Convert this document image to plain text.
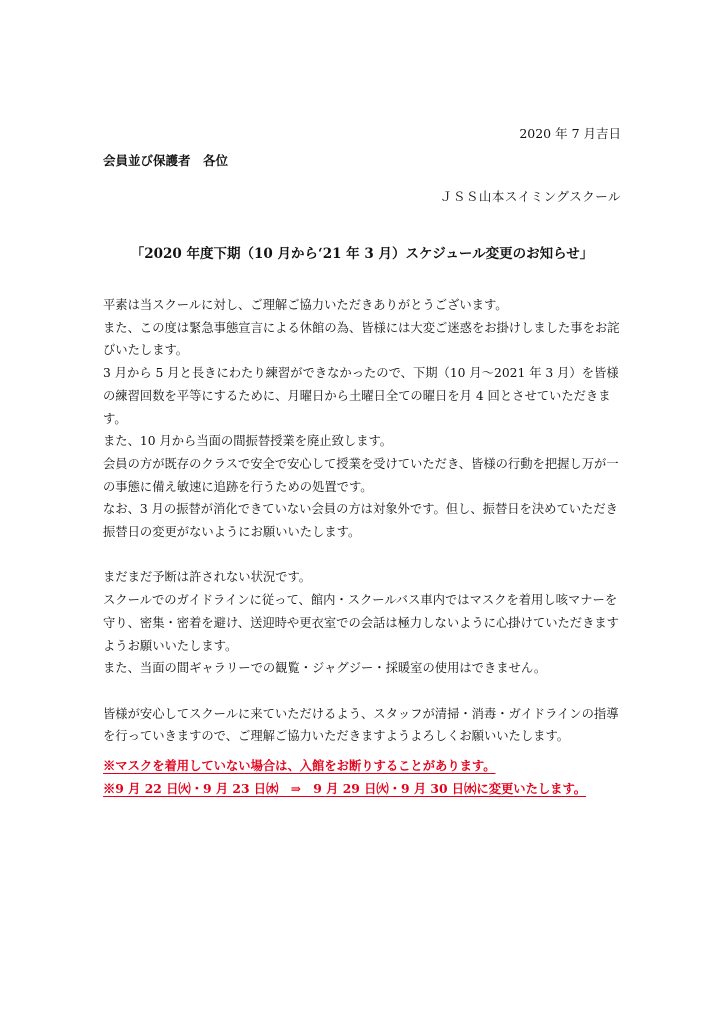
2020 年 7 月吉日
会員並び保護者　各位
ＪＳＳ山本スイミングスクール
「2020 年度下期（10 月から‘21 年 3 月）スケジュール変更のお知らせ」

平素は当スクールに対し、ご理解ご協力いただきありがとうございます。

また、この度は緊急事態宣言による休館の為、皆様には大変ご迷惑をお掛けしました事をお詫びいたします。

3 月から 5 月と長きにわたり練習ができなかったので、下期（10 月～2021 年 3 月）を皆様の練習回数を平等にするために、月曜日から土曜日全ての曜日を月 4 回とさせていただきます。

また、10 月から当面の間振替授業を廃止致します。

会員の方が既存のクラスで安全で安心して授業を受けていただき、皆様の行動を把握し万が一の事態に備え敏速に追跡を行うための処置です。

なお、3 月の振替が消化できていない会員の方は対象外です。但し、振替日を決めていただき振替日の変更がないようにお願いいたします。

まだまだ予断は許されない状況です。

スクールでのガイドラインに従って、館内・スクールバス車内ではマスクを着用し咳マナーを守り、密集・密着を避け、送迎時や更衣室での会話は極力しないように心掛けていただきますようお願いいたします。

また、当面の間ギャラリーでの観覧・ジャグジー・採暖室の使用はできません。

皆様が安心してスクールに来ていただけるよう、スタッフが清掃・消毒・ガイドラインの指導を行っていきますので、ご理解ご協力いただきますようよろしくお願いいたします。

※マスクを着用していない場合は、入館をお断りすることがあります。
※9 月 22 日㈫・9 月 23 日㈬　⇒　9 月 29 日㈫・9 月 30 日㈬に変更いたします。
